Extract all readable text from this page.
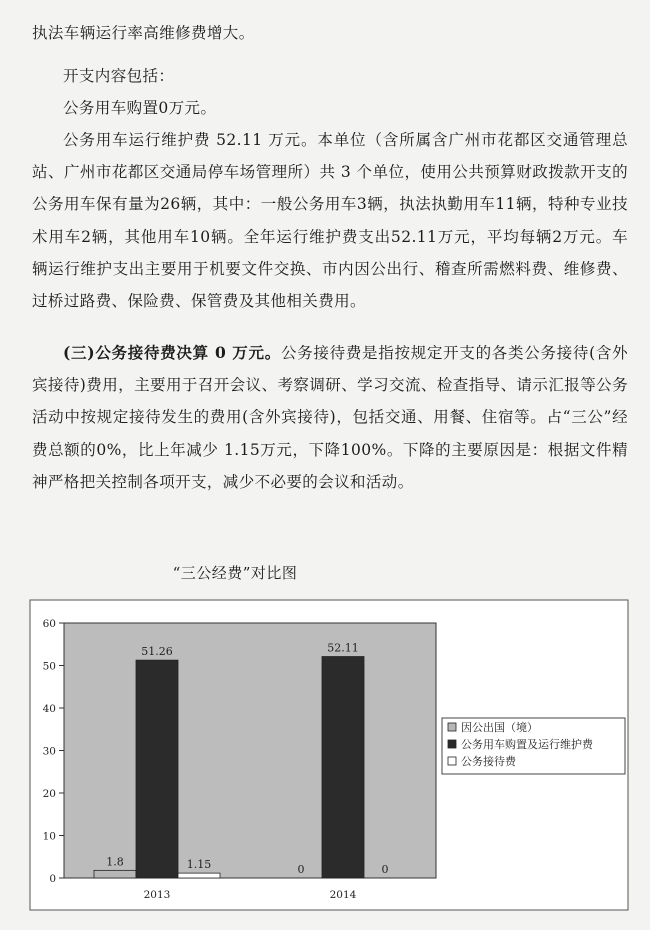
执法车辆运行率高维修费增大。

开支内容包括：

公务用车购置0万元。

公务用车运行维护费 52.11 万元。本单位（含所属含广州市花都区交通管理总站、广州市花都区交通局停车场管理所）共 3 个单位，使用公共预算财政拨款开支的公务用车保有量为26辆，其中：一般公务用车3辆，执法执勤用车11辆，特种专业技术用车2辆，其他用车10辆。全年运行维护费支出52.11万元，平均每辆2万元。车辆运行维护支出主要用于机要文件交换、市内因公出行、稽查所需燃料费、维修费、过桥过路费、保险费、保管费及其他相关费用。

(三)公务接待费决算 0 万元。公务接待费是指按规定开支的各类公务接待(含外宾接待)费用，主要用于召开会议、考察调研、学习交流、检查指导、请示汇报等公务活动中按规定接待发生的费用(含外宾接待)，包括交通、用餐、住宿等。占“三公”经费总额的0%，比上年减少 1.15万元，下降100%。下降的主要原因是：根据文件精神严格把关控制各项开支，减少不必要的会议和活动。

“三公经费”对比图
0
10
20
30
40
50
60
1.8
51.26
1.15	0
52.11
0
2013	2014
因公出国（境）
公务用车购置及运行维护费
公务接待费
